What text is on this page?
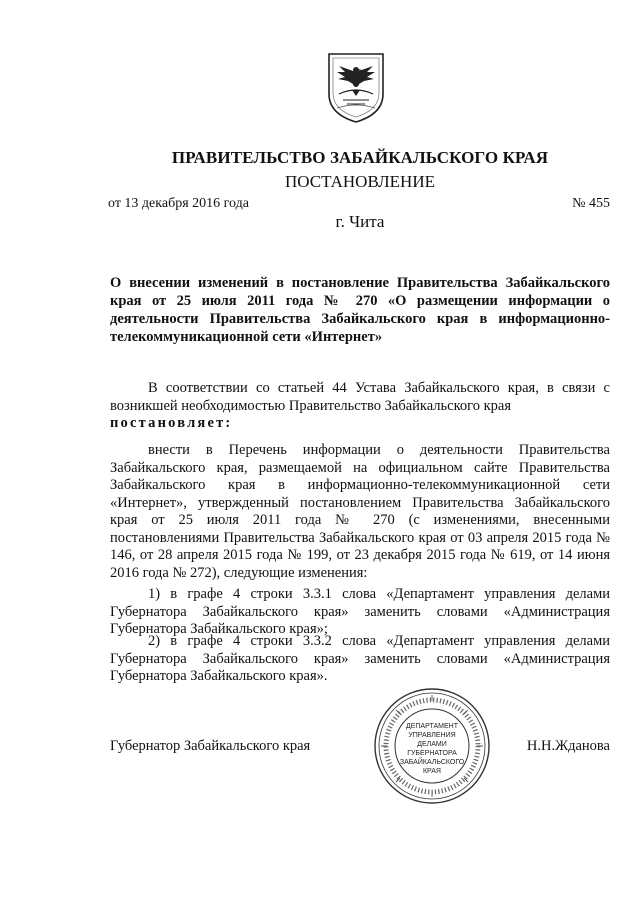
ПРАВИТЕЛЬСТВО ЗАБАЙКАЛЬСКОГО КРАЯ
ПОСТАНОВЛЕНИЕ
от 13 декабря 2016 года	№ 455
г. Чита
О внесении изменений в постановление Правительства Забайкальского края от 25 июля 2011 года № 270 «О размещении информации о деятельности Правительства Забайкальского края в информационно-телекоммуникационной сети «Интернет»
В соответствии со статьей 44 Устава Забайкальского края, в связи с возникшей необходимостью Правительство Забайкальского края
постановляет:
внести в Перечень информации о деятельности Правительства Забайкальского края, размещаемой на официальном сайте Правительства Забайкальского края в информационно-телекоммуникационной сети «Интернет», утвержденный постановлением Правительства Забайкальского края от 25 июля 2011 года № 270 (с изменениями, внесенными постановлениями Правительства Забайкальского края от 03 апреля 2015 года № 146, от 28 апреля 2015 года № 199, от 23 декабря 2015 года № 619, от 14 июня 2016 года № 272), следующие изменения:
1) в графе 4 строки 3.3.1 слова «Департамент управления делами Губернатора Забайкальского края» заменить словами «Администрация Губернатора Забайкальского края»;
2) в графе 4 строки 3.3.2 слова «Департамент управления делами Губернатора Забайкальского края» заменить словами «Администрация Губернатора Забайкальского края».
ДЕПАРТАМЕНТ
УПРАВЛЕНИЯ
ДЕЛАМИ
ГУБЕРНАТОРА
ЗАБАЙКАЛЬСКОГО
КРАЯ
Губернатор Забайкальского края	Н.Н.Жданова
